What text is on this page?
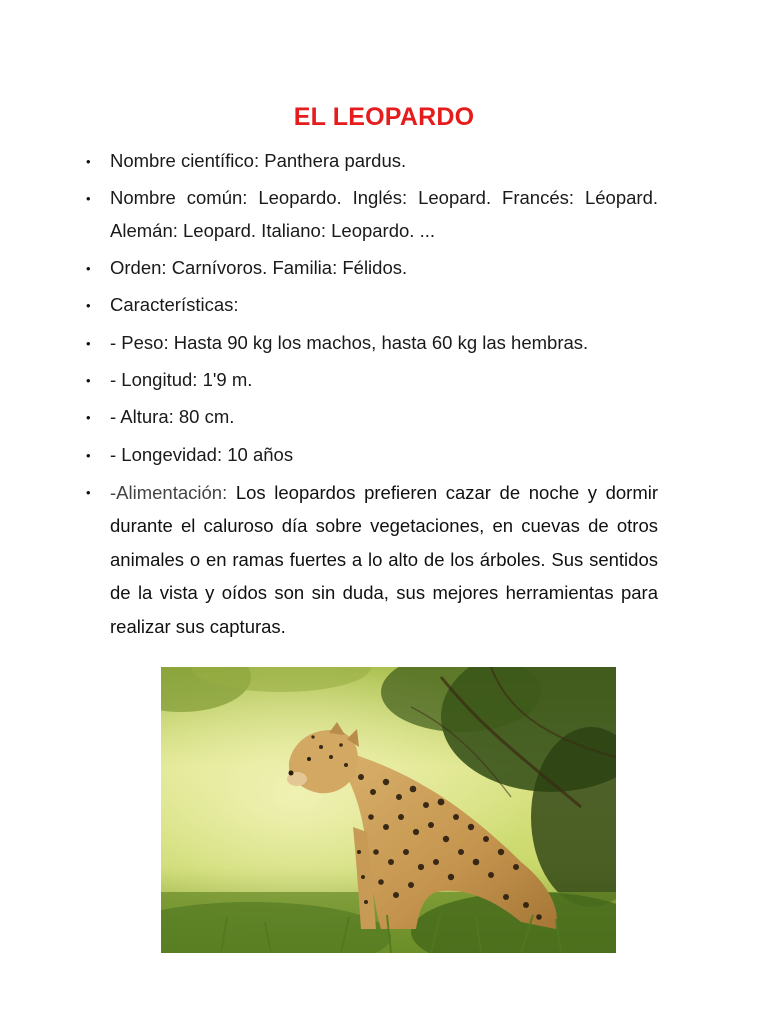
EL LEOPARDO
• Nombre científico: Panthera pardus.
• Nombre común: Leopardo. Inglés: Leopard. Francés: Léopard. Alemán: Leopard. Italiano: Leopardo. ...
• Orden: Carnívoros. Familia: Félidos.
• Características:
• - Peso: Hasta 90 kg los machos, hasta 60 kg las hembras.
• - Longitud: 1'9 m.
• - Altura: 80 cm.
• - Longevidad: 10 años
• -Alimentación: Los leopardos prefieren cazar de noche y dormir durante el caluroso día sobre vegetaciones, en cuevas de otros animales o en ramas fuertes a lo alto de los árboles. Sus sentidos de la vista y oídos son sin duda, sus mejores herramientas para realizar sus capturas.
